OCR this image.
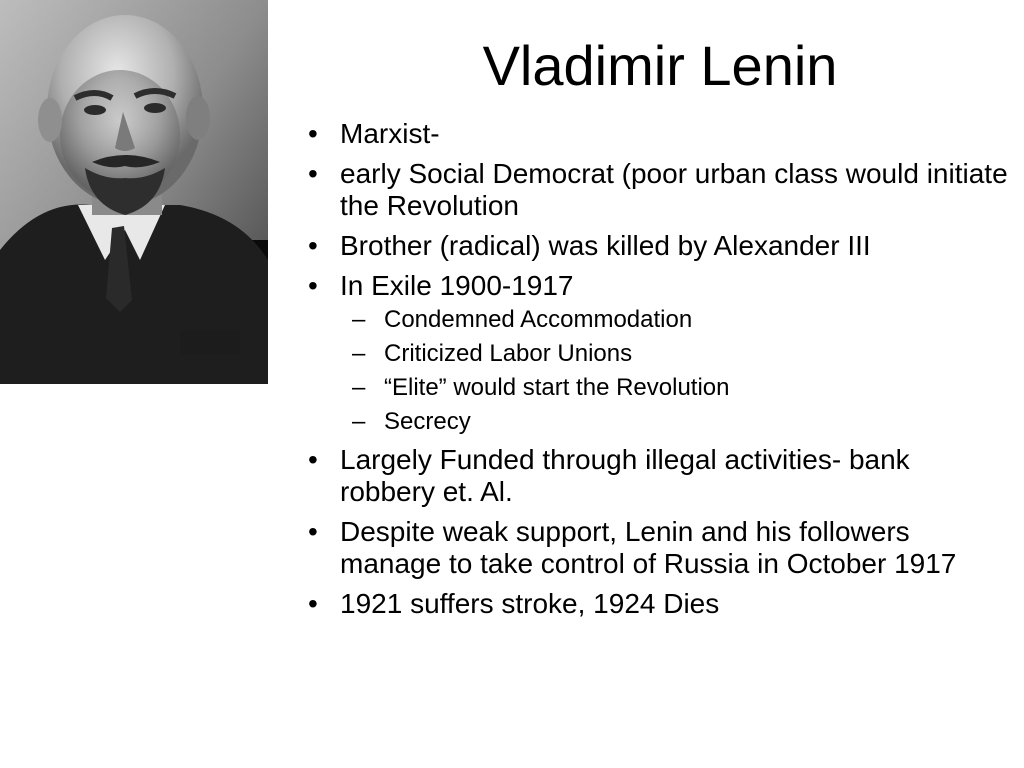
Vladimir Lenin
• Marxist-
• early Social Democrat (poor urban class would initiate the Revolution
• Brother (radical) was killed by Alexander III
• In Exile 1900-1917
– Condemned Accommodation
– Criticized Labor Unions
– “Elite” would start the Revolution
– Secrecy
• Largely Funded through illegal activities- bank robbery et. Al.
• Despite weak support, Lenin and his followers manage to take control of Russia in October 1917
• 1921 suffers stroke, 1924 Dies
